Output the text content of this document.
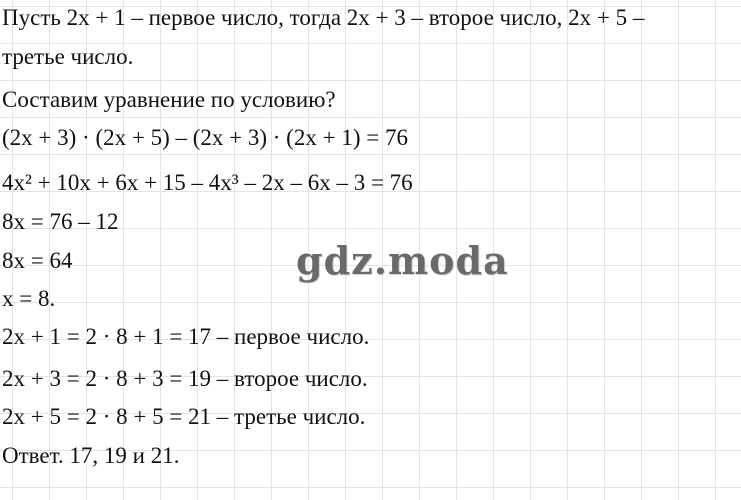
Пусть 2x + 1 – первое число, тогда 2x + 3 – второе число, 2x + 5 –
третье число.
Составим уравнение по условию?
(2x + 3) · (2x + 5) – (2x + 3) · (2x + 1) = 76
4x² + 10x + 6x + 15 – 4x³ – 2x – 6x – 3 = 76
8x = 76 – 12
8x = 64
x = 8.
2x + 1 = 2 · 8 + 1 = 17 – первое число.
2x + 3 = 2 · 8 + 3 = 19 – второе число.
2x + 5 = 2 · 8 + 5 = 21 – третье число.
Ответ. 17, 19 и 21.
gdz.moda
